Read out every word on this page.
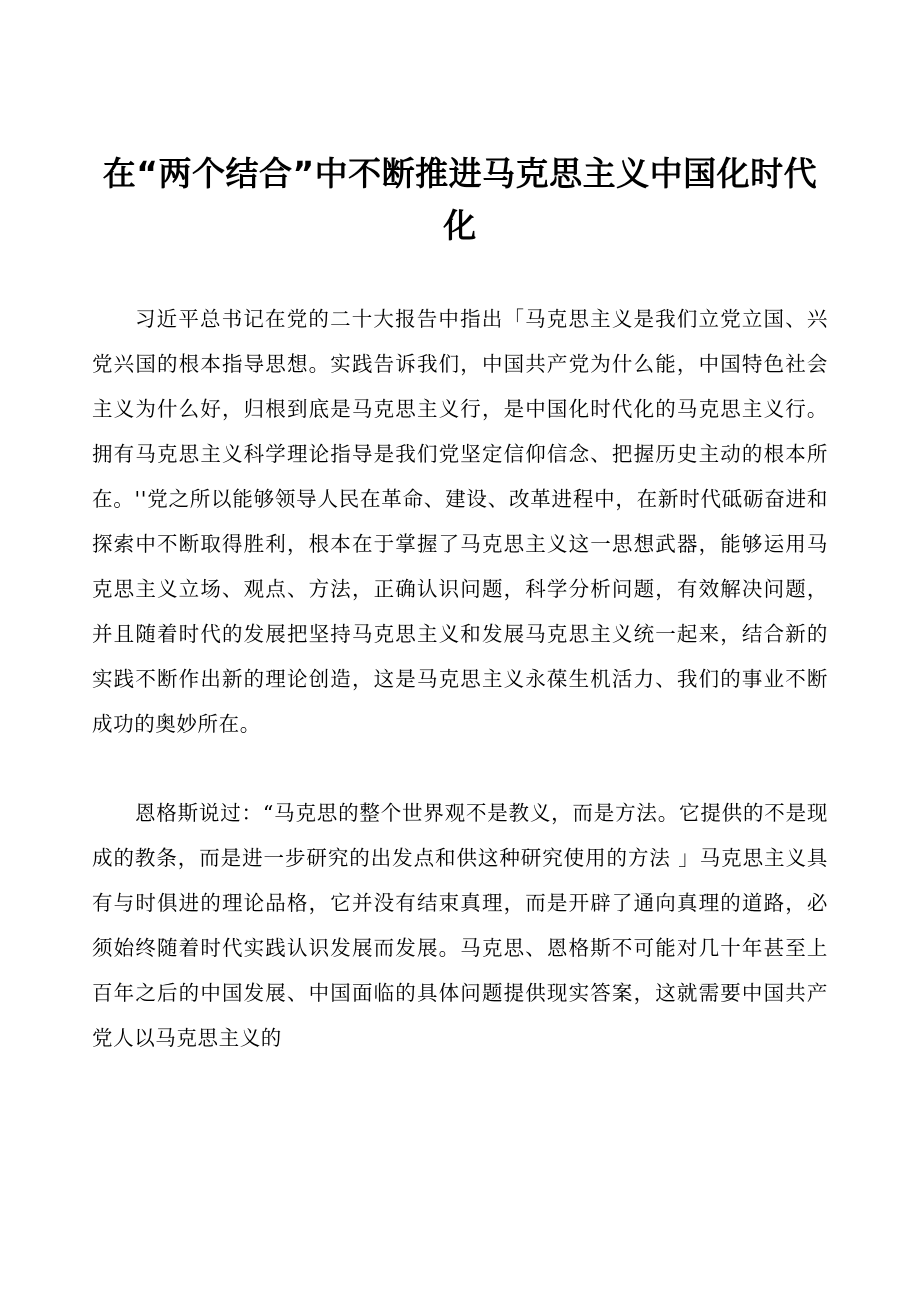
在“两个结合”中不断推进马克思主义中国化时代化

习近平总书记在党的二十大报告中指出「马克思主义是我们立党立国、兴党兴国的根本指导思想。实践告诉我们，中国共产党为什么能，中国特色社会主义为什么好，归根到底是马克思主义行，是中国化时代化的马克思主义行。拥有马克思主义科学理论指导是我们党坚定信仰信念、把握历史主动的根本所在。''党之所以能够领导人民在革命、建设、改革进程中，在新时代砥砺奋进和探索中不断取得胜利，根本在于掌握了马克思主义这一思想武器，能够运用马克思主义立场、观点、方法，正确认识问题，科学分析问题，有效解决问题，并且随着时代的发展把坚持马克思主义和发展马克思主义统一起来，结合新的实践不断作出新的理论创造，这是马克思主义永葆生机活力、我们的事业不断成功的奥妙所在。

恩格斯说过：“马克思的整个世界观不是教义，而是方法。它提供的不是现成的教条，而是进一步研究的出发点和供这种研究使用的方法 」马克思主义具有与时俱进的理论品格，它并没有结束真理，而是开辟了通向真理的道路，必须始终随着时代实践认识发展而发展。马克思、恩格斯不可能对几十年甚至上百年之后的中国发展、中国面临的具体问题提供现实答案，这就需要中国共产党人以马克思主义的
